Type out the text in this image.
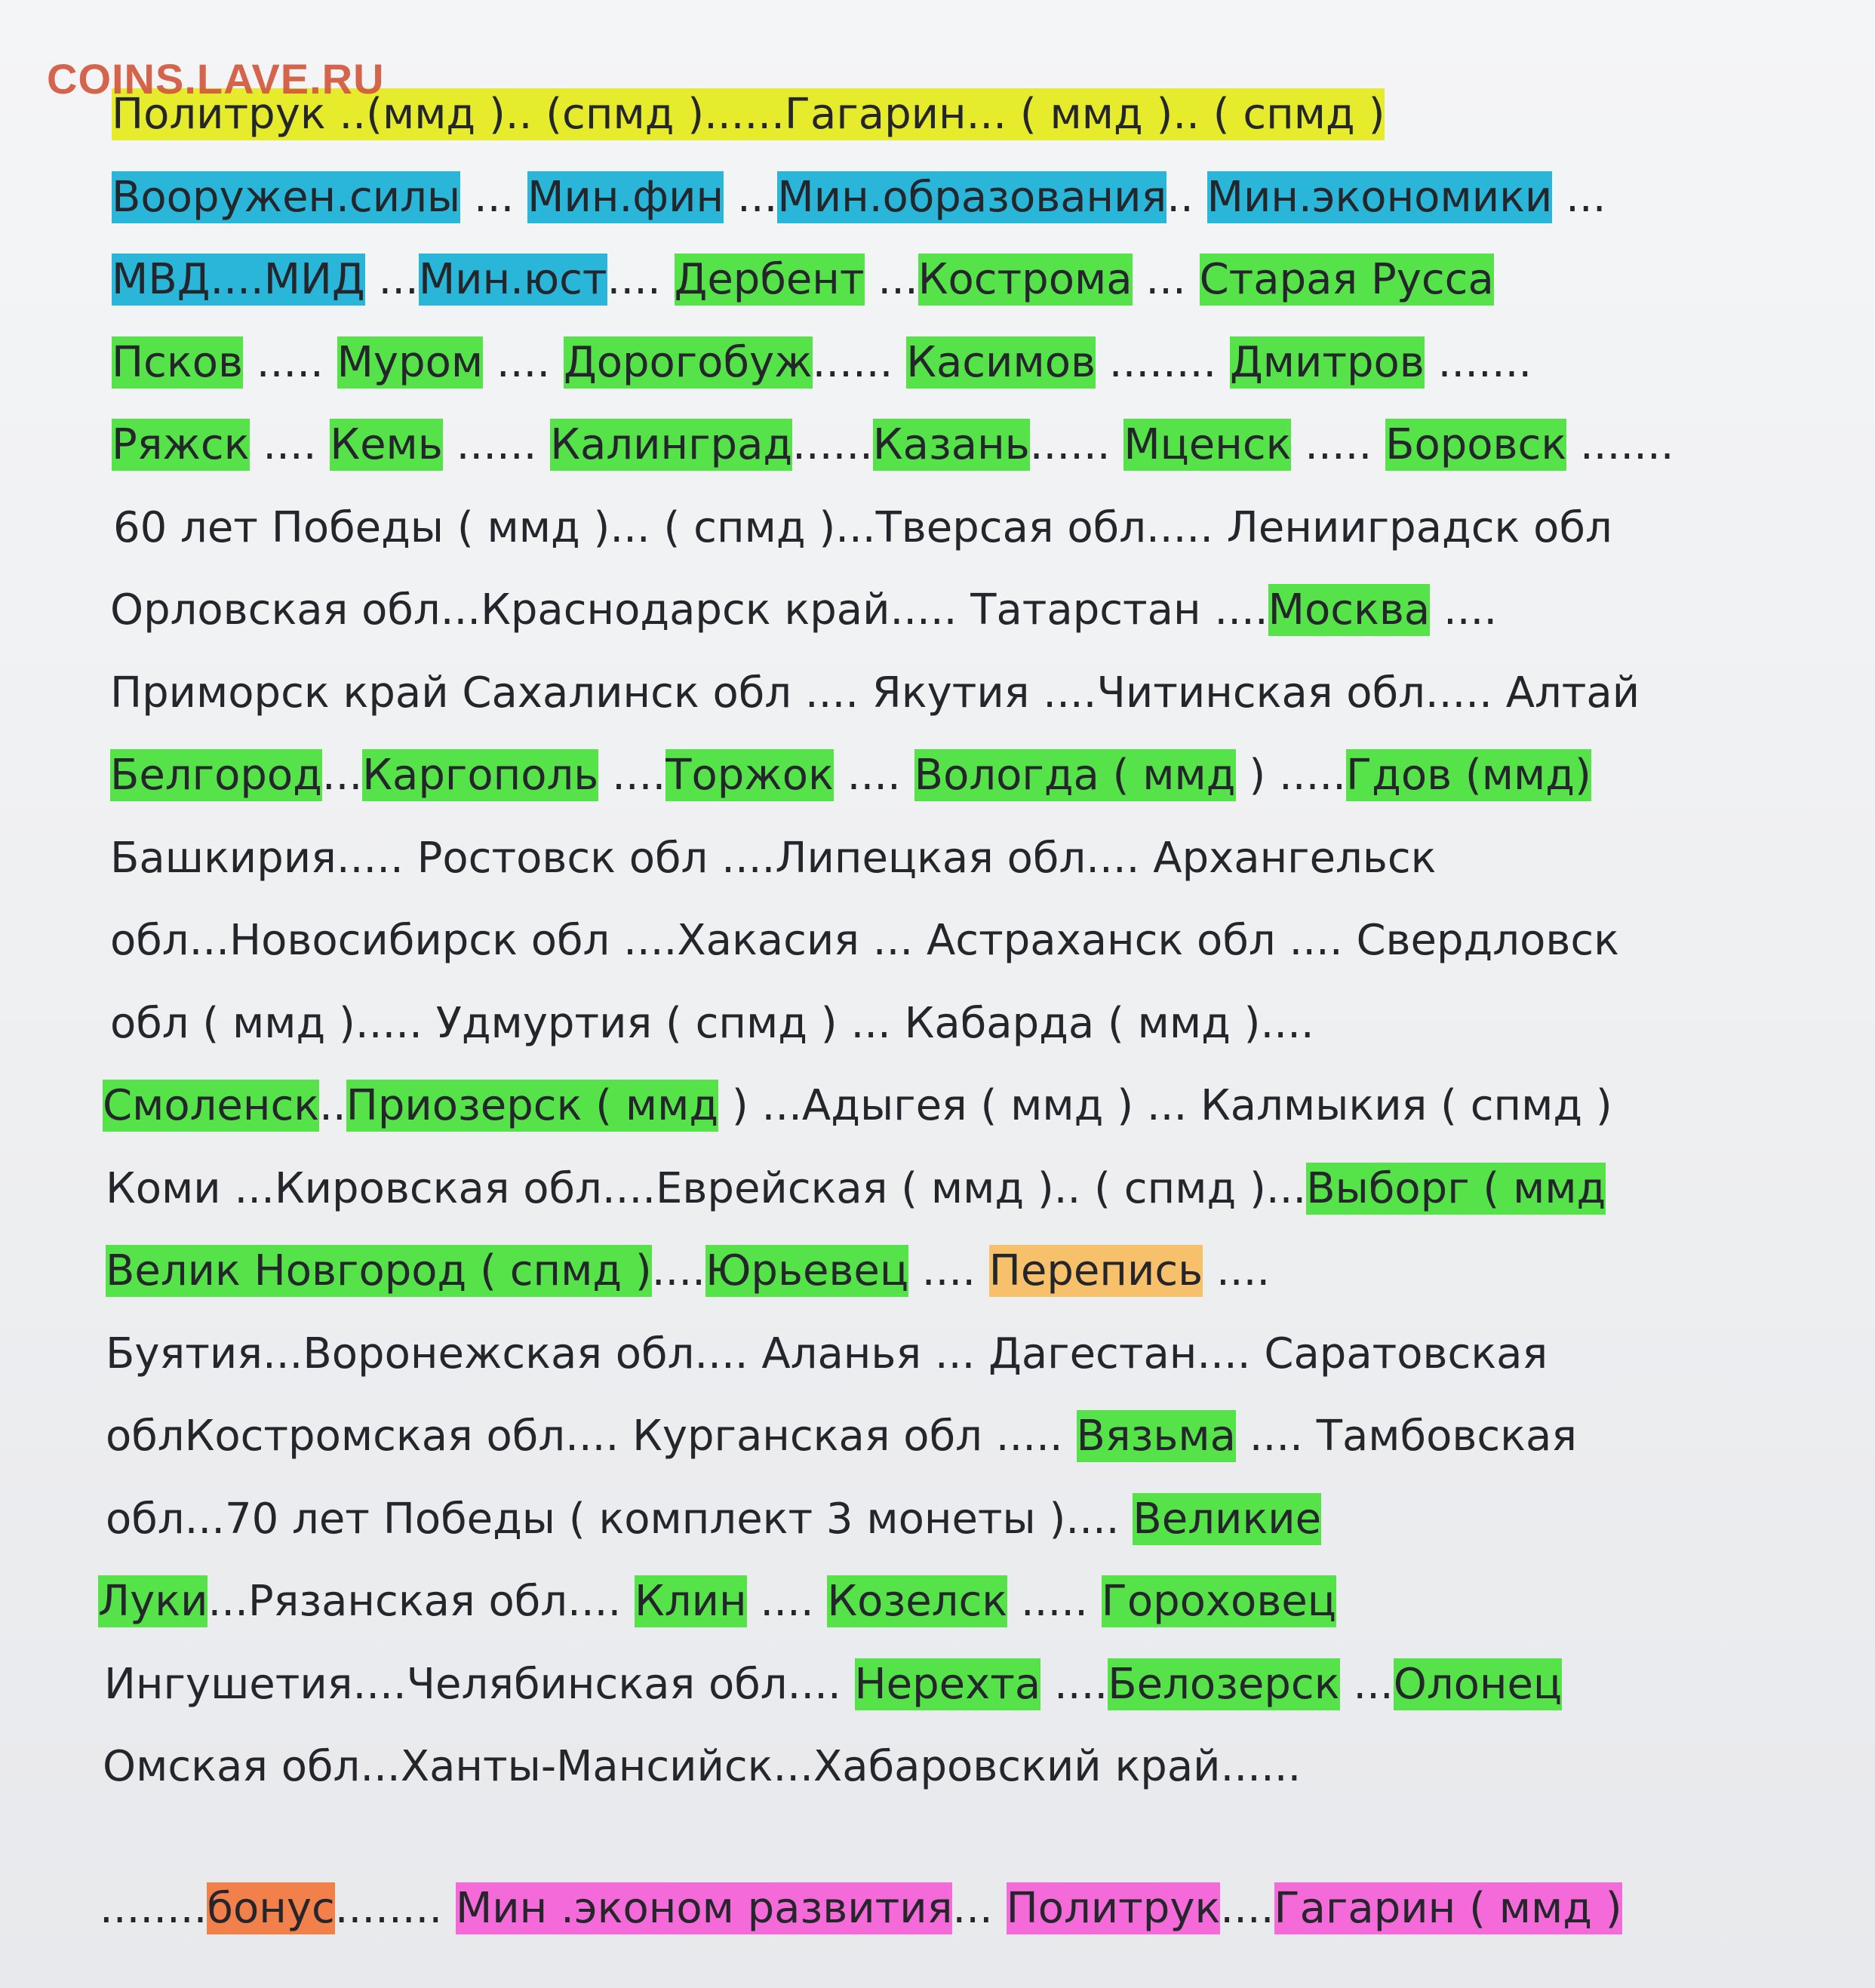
COINS.LAVE.RU
Политрук ..(ммд ).. (спмд )......Гагарин... ( ммд ).. ( спмд )
Вооружен.силы ... Мин.фин ...Мин.образования.. Мин.экономики ...
МВД....МИД ...Мин.юст.... Дербент ...Кострома ... Старая Русса
Псков ..... Муром .... Дорогобуж...... Касимов ........ Дмитров .......
Ряжск .... Кемь ...... Калинград......Казань...... Мценск ..... Боровск .......
60 лет Победы ( ммд )... ( спмд )...Тверсая обл..... Ленииградск обл
Орловская обл...Краснодарск край..... Татарстан ....Москва ....
Приморск край Сахалинск обл .... Якутия ....Читинская обл..... Алтай
Белгород...Каргополь ....Торжок .... Вологда ( ммд ) .....Гдов (ммд)
Башкирия..... Ростовск обл ....Липецкая обл.... Архангельск
обл...Новосибирск обл ....Хакасия ... Астраханск обл .... Свердловск
обл ( ммд )..... Удмуртия ( спмд ) ... Кабарда ( ммд )....
Смоленск..Приозерск ( ммд ) ...Адыгея ( ммд ) ... Калмыкия ( спмд )
Коми ...Кировская обл....Еврейская ( ммд ).. ( спмд )...Выборг ( ммд
Велик Новгород ( спмд )....Юрьевец .... Перепись ....
Буятия...Воронежская обл.... Аланья ... Дагестан.... Саратовская
облКостромская обл.... Курганская обл ..... Вязьма .... Тамбовская
обл...70 лет Победы ( комплект 3 монеты ).... Великие
Луки...Рязанская обл.... Клин .... Козелск ..... Гороховец
Ингушетия....Челябинская обл.... Нерехта ....Белозерск ...Олонец
Омская обл...Ханты-Мансийск...Хабаровский край......
........бонус........ Мин .эконом развития... Политрук....Гагарин ( ммд )
